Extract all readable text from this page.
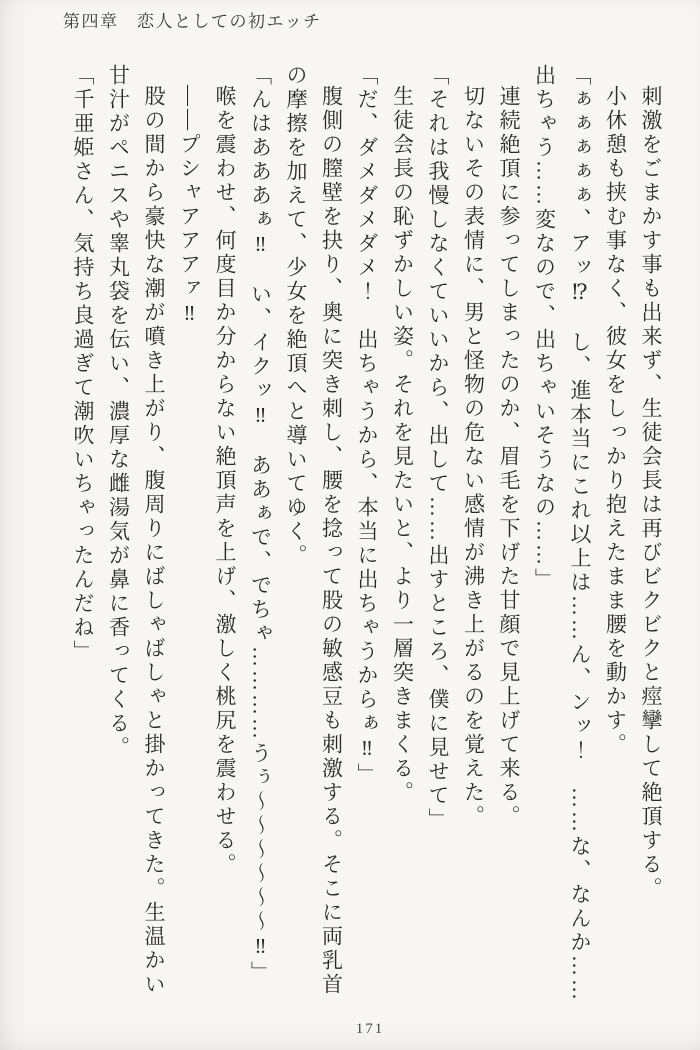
第四章　恋人としての初エッチ

刺激をごまかす事も出来ず、生徒会長は再びビクビクと痙攣して絶頂する。

小休憩も挟む事なく、彼女をしっかり抱えたまま腰を動かす。

「ぁぁぁぁぁ、アッ⁉　し、進本当にこれ以上は……ん、ンッ！　……な、なんか……出ちゃう……変なので、出ちゃいそうなの……」

連続絶頂に参ってしまったのか、眉毛を下げた甘顔で見上げて来る。

切ないその表情に、男と怪物の危ない感情が沸き上がるのを覚えた。

「それは我慢しなくていいから、出して……出すところ、僕に見せて」

生徒会長の恥ずかしい姿。それを見たいと、より一層突きまくる。

「だ、ダメダメダメ！　出ちゃうから、本当に出ちゃうからぁ‼」

腹側の膣壁を抉り、奥に突き刺し、腰を捻って股の敏感豆も刺激する。そこに両乳首の摩擦を加えて、少女を絶頂へと導いてゆく。

「んはあああぁ‼　い、イクッ‼　ああぁで、でちゃ…………うぅ〜〜〜〜〜〜‼」

喉を震わせ、何度目か分からない絶頂声を上げ、激しく桃尻を震わせる。

――プシャアアアァ‼

股の間から豪快な潮が噴き上がり、腹周りにばしゃばしゃと掛かってきた。生温かい甘汁がペニスや睾丸袋を伝い、濃厚な雌湯気が鼻に香ってくる。

「千亜姫さん、気持ち良過ぎて潮吹いちゃったんだね」

171
